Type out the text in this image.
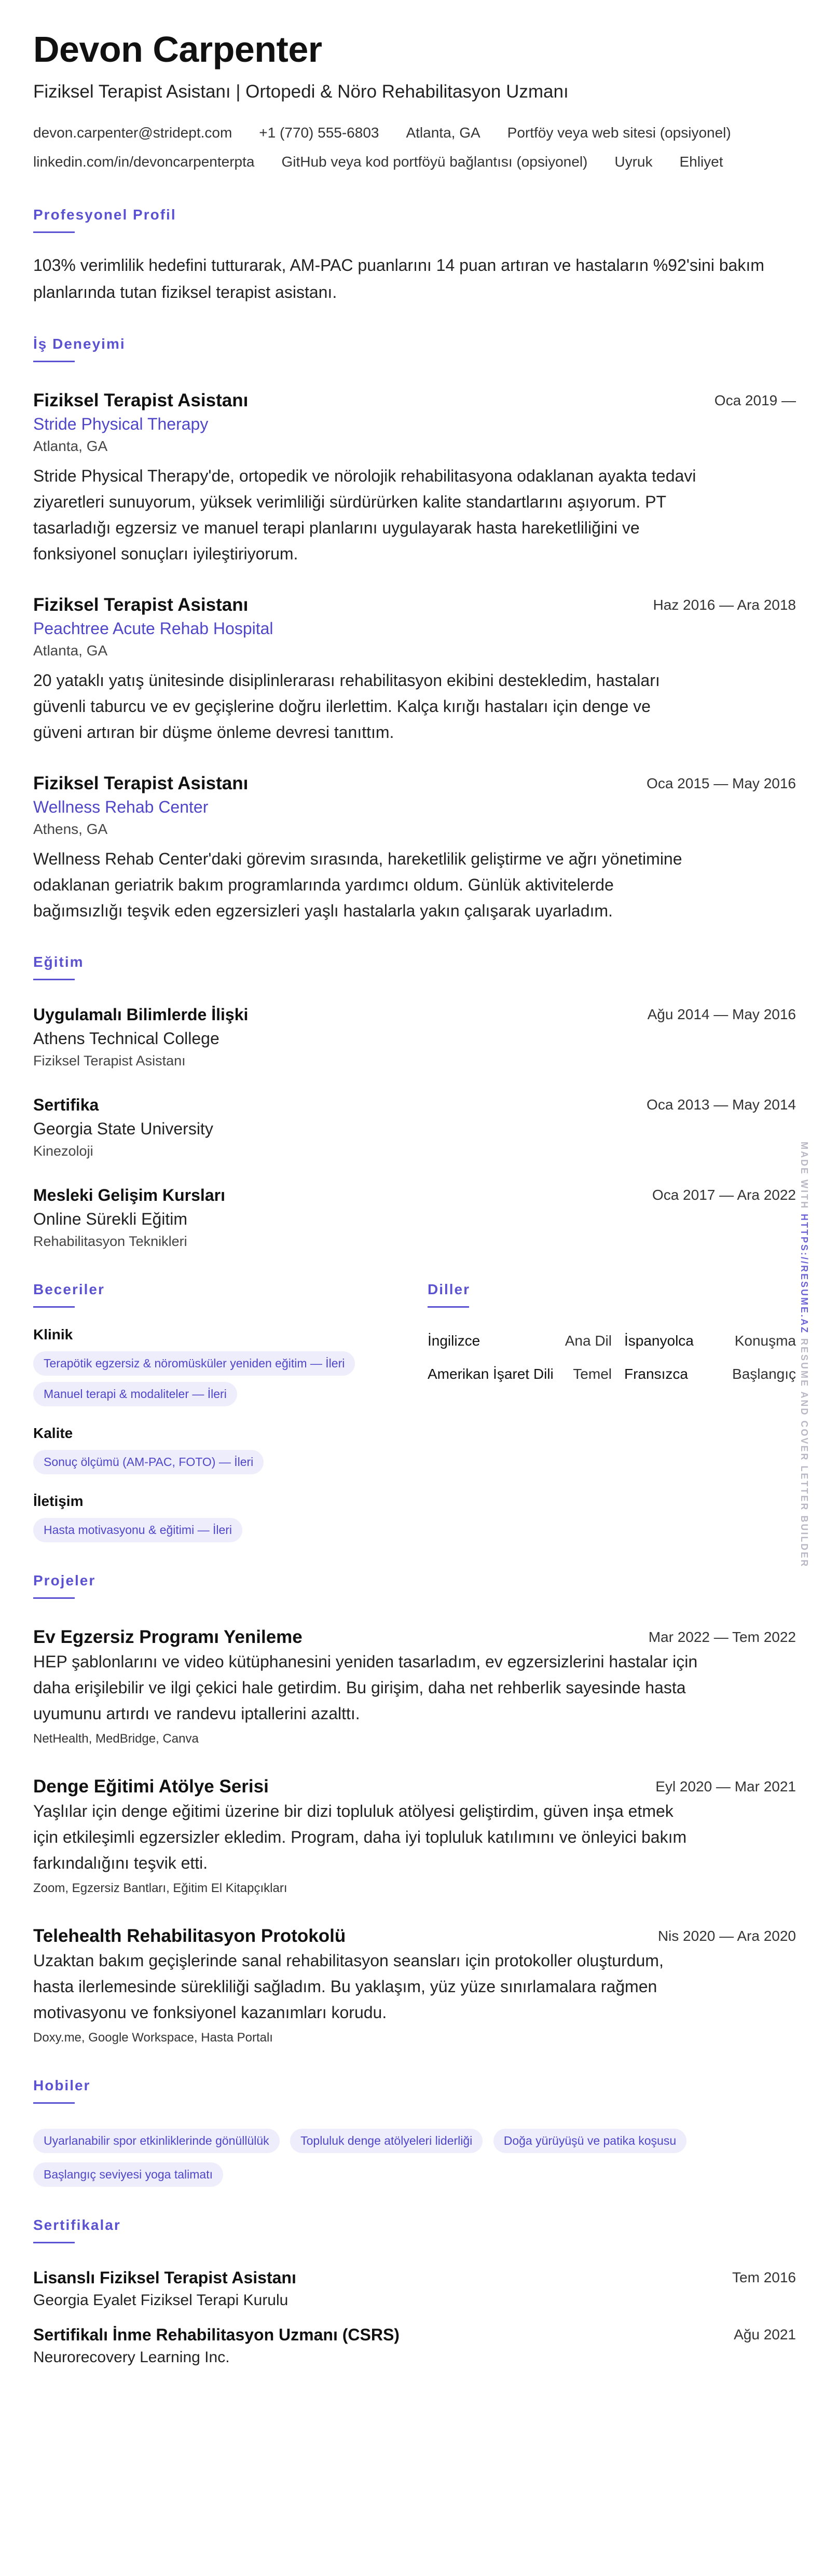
Devon Carpenter
Fiziksel Terapist Asistanı | Ortopedi & Nöro Rehabilitasyon Uzmanı
devon.carpenter@stridept.com +1 (770) 555-6803 Atlanta, GA Portföy veya web sitesi (opsiyonel)
linkedin.com/in/devoncarpenterpta GitHub veya kod portföyü bağlantısı (opsiyonel) Uyruk Ehliyet
Profesyonel Profil
103% verimlilik hedefini tutturarak, AM-PAC puanlarını 14 puan artıran ve hastaların %92'sini bakım planlarında tutan fiziksel terapist asistanı.
İş Deneyimi
Fiziksel Terapist Asistanı	Oca 2019 —
Stride Physical Therapy
Atlanta, GA
Stride Physical Therapy'de, ortopedik ve nörolojik rehabilitasyona odaklanan ayakta tedavi ziyaretleri sunuyorum, yüksek verimliliği sürdürürken kalite standartlarını aşıyorum. PT tasarladığı egzersiz ve manuel terapi planlarını uygulayarak hasta hareketliliğini ve fonksiyonel sonuçları iyileştiriyorum.
Fiziksel Terapist Asistanı	Haz 2016 — Ara 2018
Peachtree Acute Rehab Hospital
Atlanta, GA
20 yataklı yatış ünitesinde disiplinlerarası rehabilitasyon ekibini destekledim, hastaları güvenli taburcu ve ev geçişlerine doğru ilerlettim. Kalça kırığı hastaları için denge ve güveni artıran bir düşme önleme devresi tanıttım.
Fiziksel Terapist Asistanı	Oca 2015 — May 2016
Wellness Rehab Center
Athens, GA
Wellness Rehab Center'daki görevim sırasında, hareketlilik geliştirme ve ağrı yönetimine odaklanan geriatrik bakım programlarında yardımcı oldum. Günlük aktivitelerde bağımsızlığı teşvik eden egzersizleri yaşlı hastalarla yakın çalışarak uyarladım.
Eğitim
Uygulamalı Bilimlerde İlişki	Ağu 2014 — May 2016
Athens Technical College
Fiziksel Terapist Asistanı
Sertifika	Oca 2013 — May 2014
Georgia State University
Kinezoloji
Mesleki Gelişim Kursları	Oca 2017 — Ara 2022
Online Sürekli Eğitim
Rehabilitasyon Teknikleri
Beceriler
Klinik
Terapötik egzersiz & nöromüsküler yeniden eğitim — İleri
Manuel terapi & modaliteler — İleri
Kalite
Sonuç ölçümü (AM-PAC, FOTO) — İleri
İletişim
Hasta motivasyonu & eğitimi — İleri
Diller
İngilizce	Ana Dil İspanyolca	Konuşma
Amerikan İşaret Dili	Temel Fransızca	Başlangıç
Projeler
Ev Egzersiz Programı Yenileme	Mar 2022 — Tem 2022
HEP şablonlarını ve video kütüphanesini yeniden tasarladım, ev egzersizlerini hastalar için daha erişilebilir ve ilgi çekici hale getirdim. Bu girişim, daha net rehberlik sayesinde hasta uyumunu artırdı ve randevu iptallerini azalttı.
NetHealth, MedBridge, Canva
Denge Eğitimi Atölye Serisi	Eyl 2020 — Mar 2021
Yaşlılar için denge eğitimi üzerine bir dizi topluluk atölyesi geliştirdim, güven inşa etmek için etkileşimli egzersizler ekledim. Program, daha iyi topluluk katılımını ve önleyici bakım farkındalığını teşvik etti.
Zoom, Egzersiz Bantları, Eğitim El Kitapçıkları
Telehealth Rehabilitasyon Protokolü	Nis 2020 — Ara 2020
Uzaktan bakım geçişlerinde sanal rehabilitasyon seansları için protokoller oluşturdum, hasta ilerlemesinde sürekliliği sağladım. Bu yaklaşım, yüz yüze sınırlamalara rağmen motivasyonu ve fonksiyonel kazanımları korudu.
Doxy.me, Google Workspace, Hasta Portalı
Hobiler
Uyarlanabilir spor etkinliklerinde gönüllülük	Topluluk denge atölyeleri liderliği	Doğa yürüyüşü ve patika koşusu Başlangıç seviyesi yoga talimatı
Sertifikalar
Lisanslı Fiziksel Terapist Asistanı	Tem 2016
Georgia Eyalet Fiziksel Terapi Kurulu
Sertifikalı İnme Rehabilitasyon Uzmanı (CSRS)	Ağu 2021
Neurorecovery Learning Inc.
MADE WITH HTTPS://RESUME.AZ RESUME AND COVER LETTER BUILDER
